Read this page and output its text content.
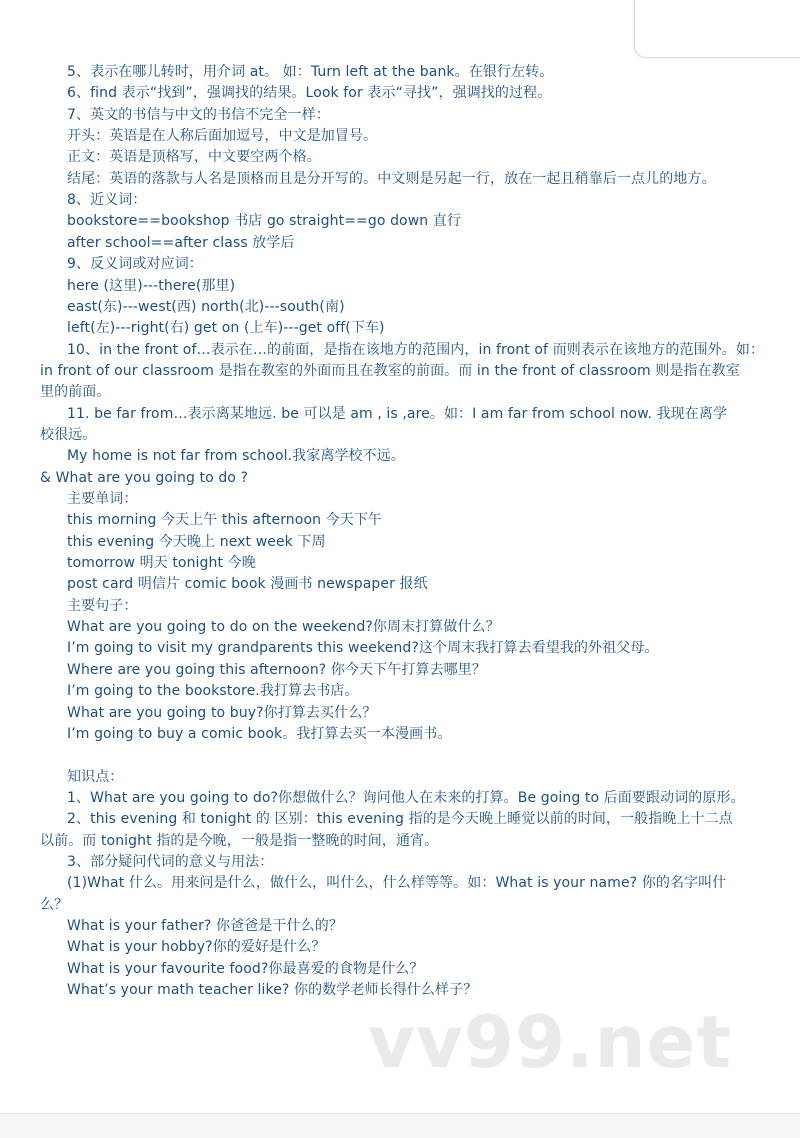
5、表示在哪儿转时，用介词 at。 如：Turn left at the bank。在银行左转。
6、find 表示“找到”，强调找的结果。Look for 表示“寻找”，强调找的过程。
7、英文的书信与中文的书信不完全一样：
开头：英语是在人称后面加逗号，中文是加冒号。
正文：英语是顶格写，中文要空两个格。
结尾：英语的落款与人名是顶格而且是分开写的。中文则是另起一行，放在一起且稍靠后一点儿的地方。
8、近义词：
bookstore==bookshop 书店 go straight==go down 直行
after school==after class 放学后
9、反义词或对应词：
here (这里)---there(那里)
east(东)---west(西) north(北)---south(南)
left(左)---right(右) get on (上车)---get off(下车)
10、in the front of…表示在…的前面，是指在该地方的范围内，in front of 而则表示在该地方的范围外。如：
in front of our classroom 是指在教室的外面而且在教室的前面。而 in the front of classroom 则是指在教室
里的前面。
11. be far from…表示离某地远. be 可以是 am , is ,are。如：I am far from school now. 我现在离学
校很远。
My home is not far from school.我家离学校不远。
& What are you going to do ?
主要单词：
this morning 今天上午 this afternoon 今天下午
this evening 今天晚上 next week 下周
tomorrow 明天 tonight 今晚
post card 明信片 comic book 漫画书 newspaper 报纸
主要句子：
What are you going to do on the weekend?你周末打算做什么？
I’m going to visit my grandparents this weekend?这个周末我打算去看望我的外祖父母。
Where are you going this afternoon? 你今天下午打算去哪里？
I’m going to the bookstore.我打算去书店。
What are you going to buy?你打算去买什么？
I’m going to buy a comic book。我打算去买一本漫画书。
知识点：
1、What are you going to do?你想做什么？询问他人在未来的打算。Be going to 后面要跟动词的原形。
2、this evening 和 tonight 的 区别：this evening 指的是今天晚上睡觉以前的时间，一般指晚上十二点
以前。而 tonight 指的是今晚，一般是指一整晚的时间，通宵。
3、部分疑问代词的意义与用法：
(1)What 什么。用来问是什么，做什么，叫什么，什么样等等。如：What is your name? 你的名字叫什
么？
What is your father? 你爸爸是干什么的？
What is your hobby?你的爱好是什么？
What is your favourite food?你最喜爱的食物是什么？
What’s your math teacher like? 你的数学老师长得什么样子？
vv99.net
